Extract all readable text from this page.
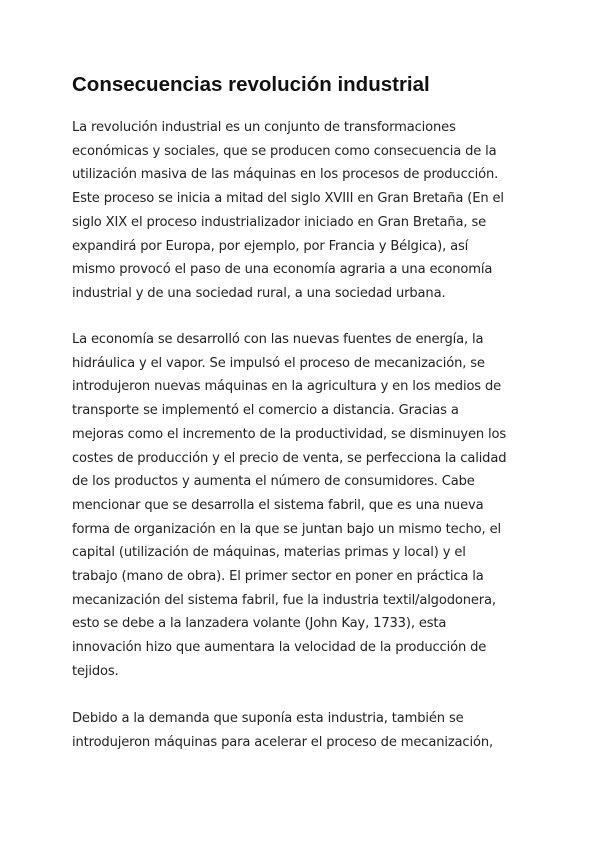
Consecuencias revolución industrial
La revolución industrial es un conjunto de transformaciones
económicas y sociales, que se producen como consecuencia de la
utilización masiva de las máquinas en los procesos de producción.
Este proceso se inicia a mitad del siglo XVIII en Gran Bretaña (En el
siglo XIX el proceso industrializador iniciado en Gran Bretaña, se
expandirá por Europa, por ejemplo, por Francia y Bélgica), así
mismo provocó el paso de una economía agraria a una economía
industrial y de una sociedad rural, a una sociedad urbana.
La economía se desarrolló con las nuevas fuentes de energía, la
hidráulica y el vapor. Se impulsó el proceso de mecanización, se
introdujeron nuevas máquinas en la agricultura y en los medios de
transporte se implementó el comercio a distancia. Gracias a
mejoras como el incremento de la productividad, se disminuyen los
costes de producción y el precio de venta, se perfecciona la calidad
de los productos y aumenta el número de consumidores. Cabe
mencionar que se desarrolla el sistema fabril, que es una nueva
forma de organización en la que se juntan bajo un mismo techo, el
capital (utilización de máquinas, materias primas y local) y el
trabajo (mano de obra). El primer sector en poner en práctica la
mecanización del sistema fabril, fue la industria textil/algodonera,
esto se debe a la lanzadera volante (John Kay, 1733), esta
innovación hizo que aumentara la velocidad de la producción de
tejidos.
Debido a la demanda que suponía esta industria, también se
introdujeron máquinas para acelerar el proceso de mecanización,
